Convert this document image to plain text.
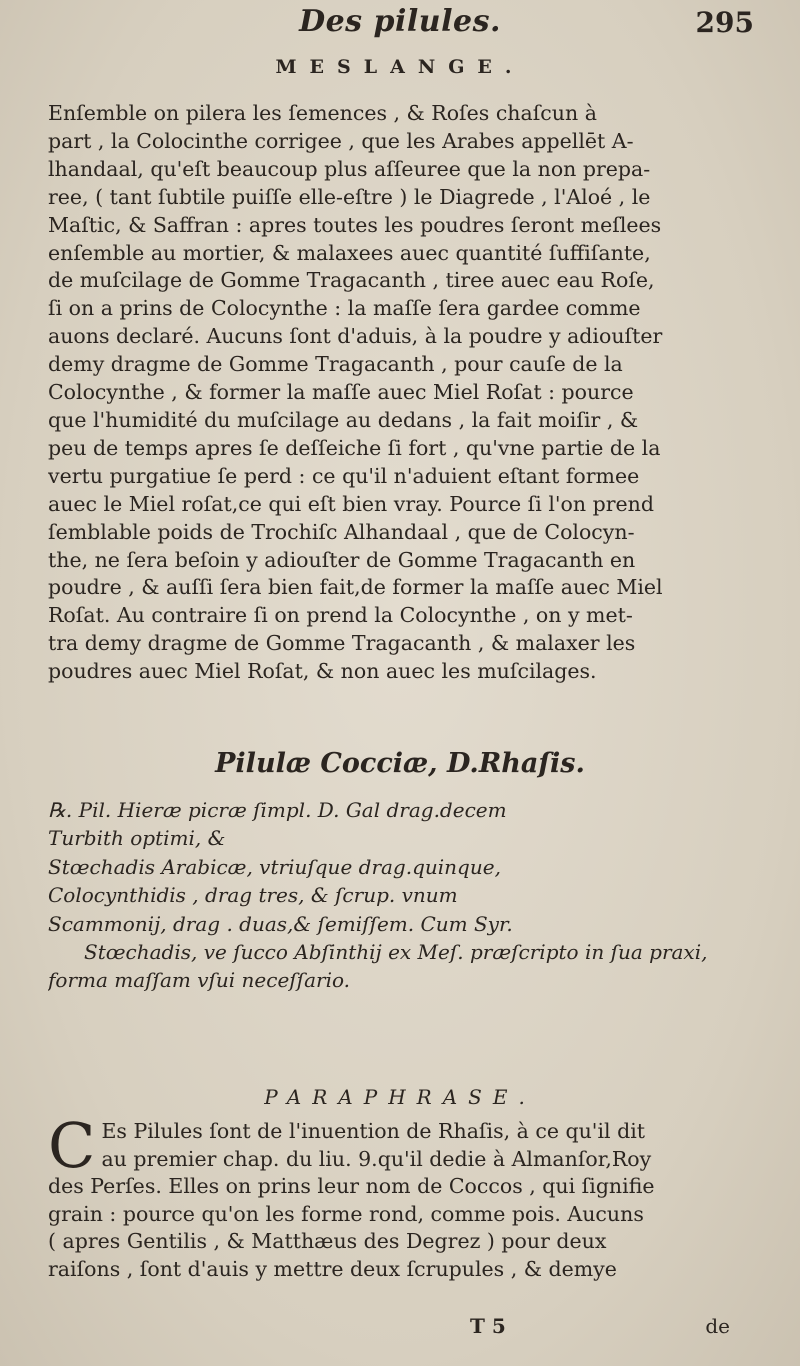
Des pilules.	295
MESLANGE.
Enſemble on pilera les ſemences , & Roſes chaſcun à
part , la Colocinthe corrigee , que les Arabes appellēt A-
lhandaal, qu'eſt beaucoup plus aſſeuree que la non prepa-
ree, ( tant ſubtile puiſſe elle-eſtre ) le Diagrede , l'Aloé , le
Maſtic, & Saffran : apres toutes les poudres ſeront meſlees
enſemble au mortier, & malaxees auec quantité ſuffiſante,
de muſcilage de Gomme Tragacanth , tiree auec eau Roſe,
ſi on a prins de Colocynthe : la maſſe ſera gardee comme
auons declaré. Aucuns ſont d'aduis, à la poudre y adiouſter
demy dragme de Gomme Tragacanth , pour cauſe de la
Colocynthe , & former la maſſe auec Miel Roſat : pource
que l'humidité du muſcilage au dedans , la fait moiſir , &
peu de temps apres ſe deſſeiche ſi fort , qu'vne partie de la
vertu purgatiue ſe perd : ce qu'il n'aduient eſtant formee
auec le Miel roſat,ce qui eſt bien vray. Pource ſi l'on prend
ſemblable poids de Trochiſc Alhandaal , que de Colocyn-
the, ne ſera beſoin y adiouſter de Gomme Tragacanth en
poudre , & auſſi ſera bien fait,de former la maſſe auec Miel
Roſat. Au contraire ſi on prend la Colocynthe , on y met-
tra demy dragme de Gomme Tragacanth , & malaxer les
poudres auec Miel Roſat, & non auec les muſcilages.
Pilulæ Cocciæ, D.Rhaſis.
℞. Pil. Hieræ picræ ſimpl. D. Gal drag.decem
Turbith optimi, &
Stœchadis Arabicæ, vtriuſque drag.quinque,
Colocynthidis , drag tres, & ſcrup. vnum
Scammonij, drag . duas,& ſemiſſem. Cum Syr.
Stœchadis, ve ſucco Abſinthij ex Meſ. præſcripto in ſua praxi,
forma maſſam vſui neceſſario.
PARAPHRASE.
C Es Pilules ſont de l'inuention de Rhaſis, à ce qu'il dit
au premier chap. du liu. 9.qu'il dedie à Almanſor,Roy
des Perſes. Elles on prins leur nom de Coccos , qui ſignifie
grain : pource qu'on les forme rond, comme pois. Aucuns
( apres Gentilis , & Matthæus des Degrez ) pour deux
raiſons , ſont d'auis y mettre deux ſcrupules , & demye
T 5	de
